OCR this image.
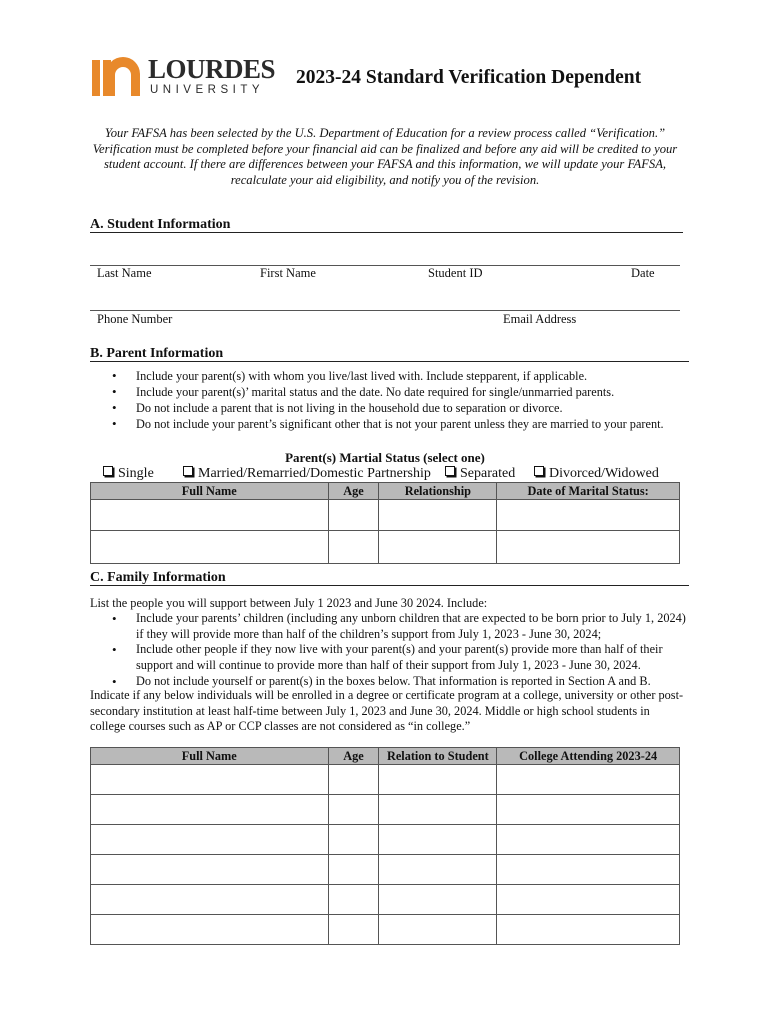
LOURDES
UNIVERSITY
2023-24 Standard Verification Dependent
Your FAFSA has been selected by the U.S. Department of Education for a review process called “Verification.” Verification must be completed before your financial aid can be finalized and before any aid will be credited to your student account. If there are differences between your FAFSA and this information, we will update your FAFSA, recalculate your aid eligibility, and notify you of the revision.
A. Student Information
Last Name	First Name	Student ID	Date
Phone Number	Email Address
B. Parent Information
• Include your parent(s) with whom you live/last lived with. Include stepparent, if applicable.
• Include your parent(s)’ marital status and the date. No date required for single/unmarried parents.
• Do not include a parent that is not living in the household due to separation or divorce.
• Do not include your parent’s significant other that is not your parent unless they are married to your parent.
Parent(s) Martial Status (select one)
Single	Married/Remarried/Domestic Partnership	Separated	Divorced/Widowed
Full Name	Age	Relationship	Date of Marital Status:

C. Family Information
List the people you will support between July 1 2023 and June 30 2024. Include:
• Include your parents’ children (including any unborn children that are expected to be born prior to July 1, 2024) if they will provide more than half of the children’s support from July 1, 2023 - June 30, 2024;
• Include other people if they now live with your parent(s) and your parent(s) provide more than half of their support and will continue to provide more than half of their support from July 1, 2023 - June 30, 2024.
• Do not include yourself or parent(s) in the boxes below. That information is reported in Section A and B.
Indicate if any below individuals will be enrolled in a degree or certificate program at a college, university or other post-secondary institution at least half-time between July 1, 2023 and June 30, 2024. Middle or high school students in college courses such as AP or CCP classes are not considered as “in college.”
Full Name	Age	Relation to Student	College Attending 2023-24
